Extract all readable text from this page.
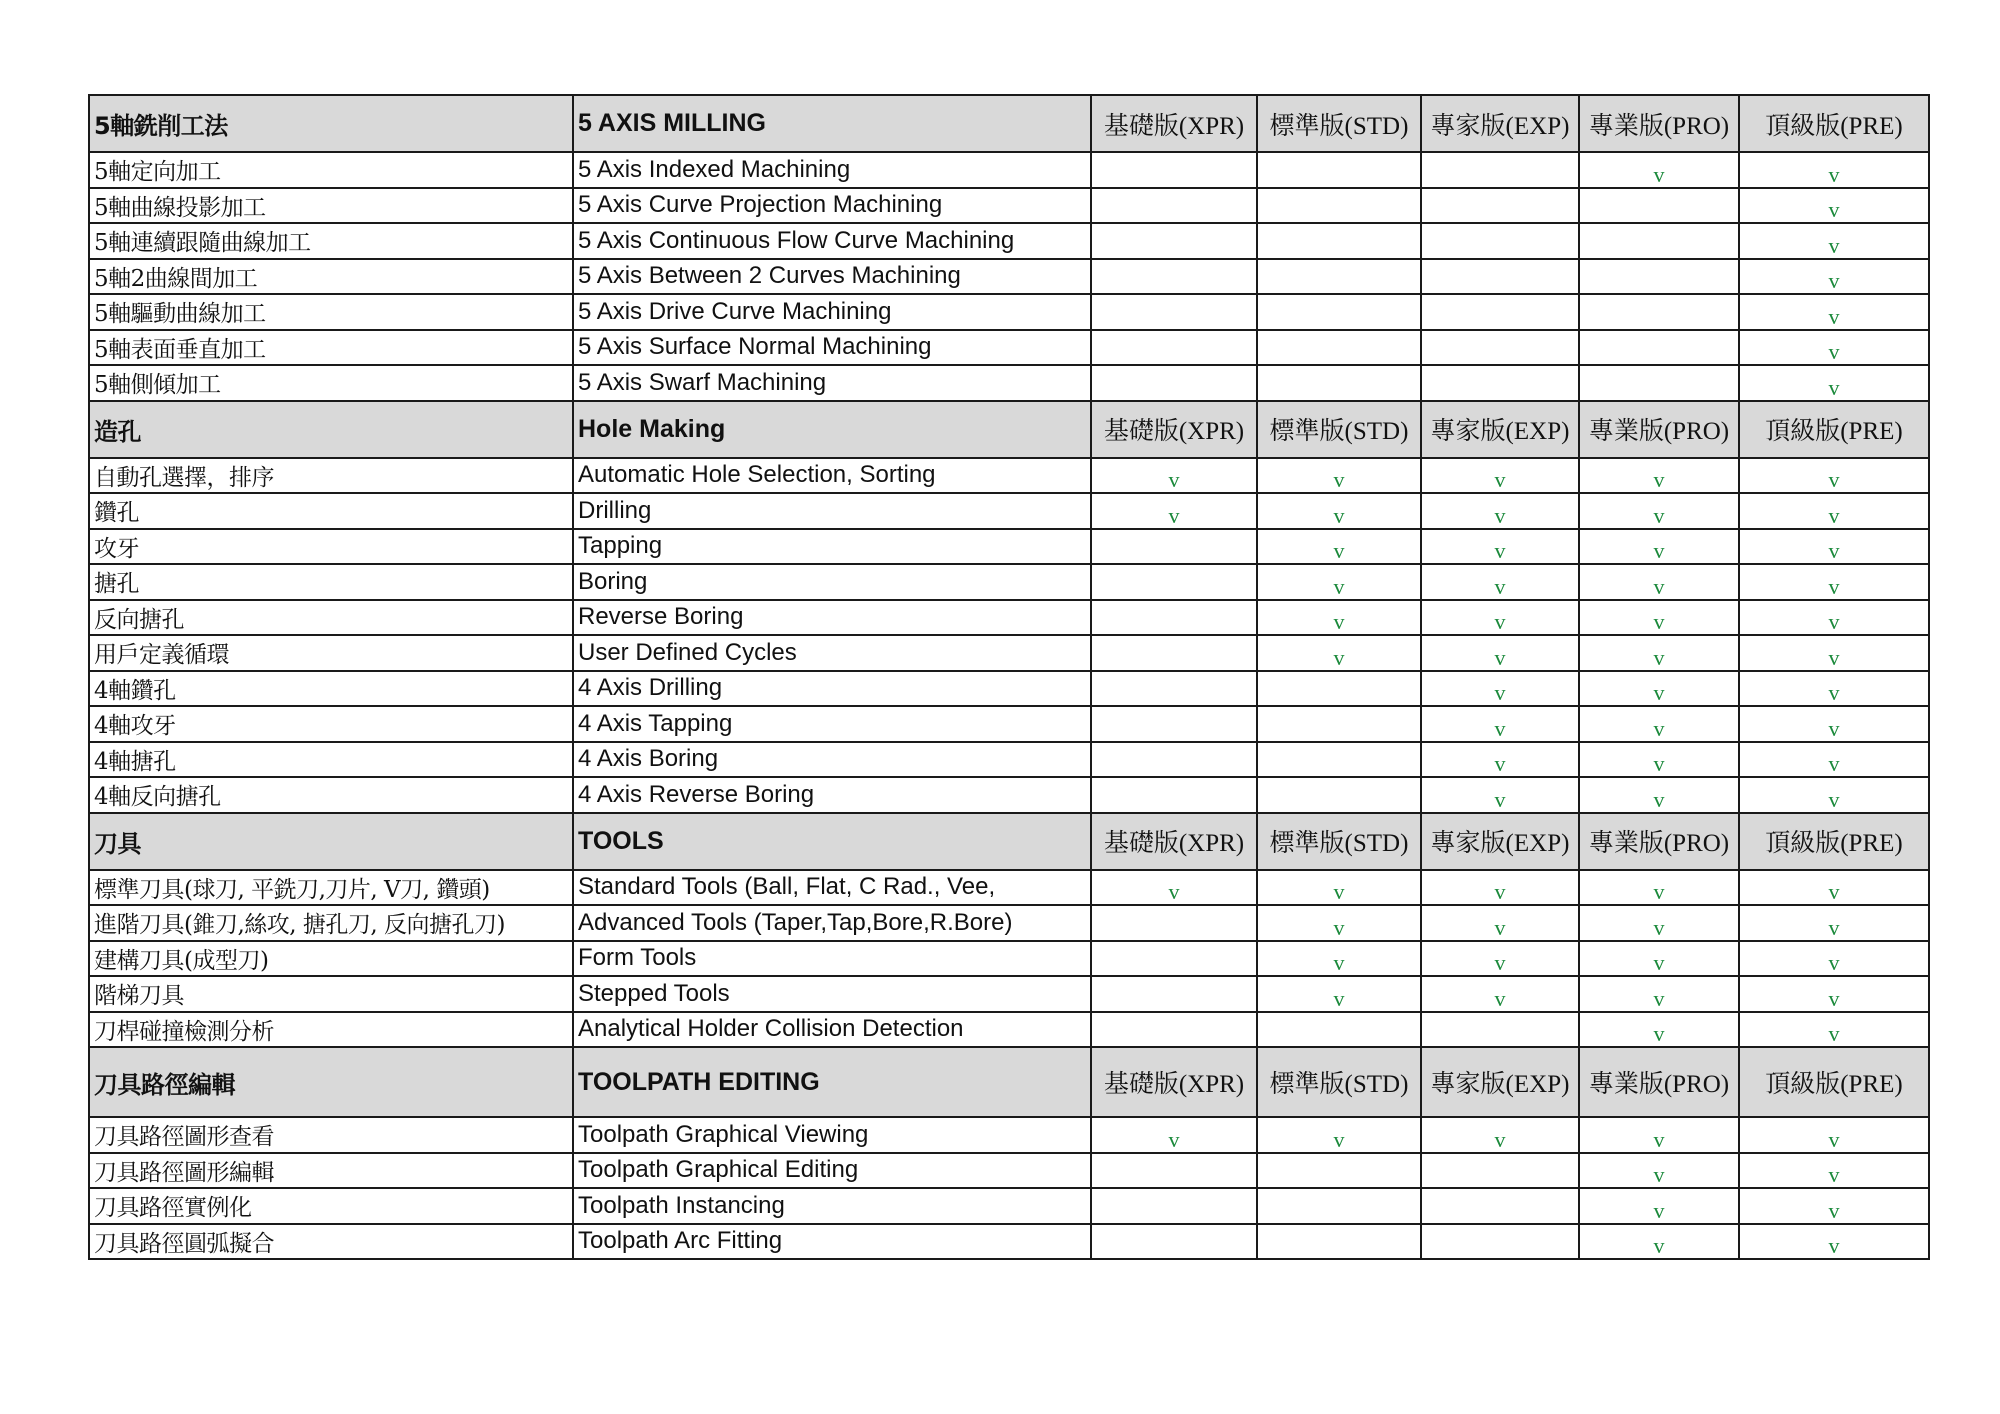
5軸銑削工法	5 AXIS MILLING	基礎版(XPR)	標準版(STD)	專家版(EXP)	專業版(PRO)	頂級版(PRE)
5軸定向加工	5 Axis Indexed Machining				v	v
5軸曲線投影加工	5 Axis Curve Projection Machining					v
5軸連續跟隨曲線加工	5 Axis Continuous Flow Curve Machining					v
5軸2曲線間加工	5 Axis Between 2 Curves Machining					v
5軸驅動曲線加工	5 Axis Drive Curve Machining					v
5軸表面垂直加工	5 Axis Surface Normal Machining					v
5軸側傾加工	5 Axis Swarf Machining					v
造孔	Hole Making	基礎版(XPR)	標準版(STD)	專家版(EXP)	專業版(PRO)	頂級版(PRE)
自動孔選擇，排序	Automatic Hole Selection, Sorting	v	v	v	v	v
鑽孔	Drilling	v	v	v	v	v
攻牙	Tapping		v	v	v	v
搪孔	Boring		v	v	v	v
反向搪孔	Reverse Boring		v	v	v	v
用戶定義循環	User Defined Cycles		v	v	v	v
4軸鑽孔	4 Axis Drilling			v	v	v
4軸攻牙	4 Axis Tapping			v	v	v
4軸搪孔	4 Axis Boring			v	v	v
4軸反向搪孔	4 Axis Reverse Boring			v	v	v
刀具	TOOLS	基礎版(XPR)	標準版(STD)	專家版(EXP)	專業版(PRO)	頂級版(PRE)
標準刀具(球刀, 平銑刀,刀片, V刀, 鑽頭)	Standard Tools (Ball, Flat, C Rad., Vee,	v	v	v	v	v
進階刀具(錐刀,絲攻, 搪孔刀, 反向搪孔刀)	Advanced Tools (Taper,Tap,Bore,R.Bore)		v	v	v	v
建構刀具(成型刀)	Form Tools		v	v	v	v
階梯刀具	Stepped Tools		v	v	v	v
刀桿碰撞檢測分析	Analytical Holder Collision Detection				v	v
刀具路徑編輯	TOOLPATH EDITING	基礎版(XPR)	標準版(STD)	專家版(EXP)	專業版(PRO)	頂級版(PRE)
刀具路徑圖形查看	Toolpath Graphical Viewing	v	v	v	v	v
刀具路徑圖形編輯	Toolpath Graphical Editing				v	v
刀具路徑實例化	Toolpath Instancing				v	v
刀具路徑圓弧擬合	Toolpath Arc Fitting				v	v
